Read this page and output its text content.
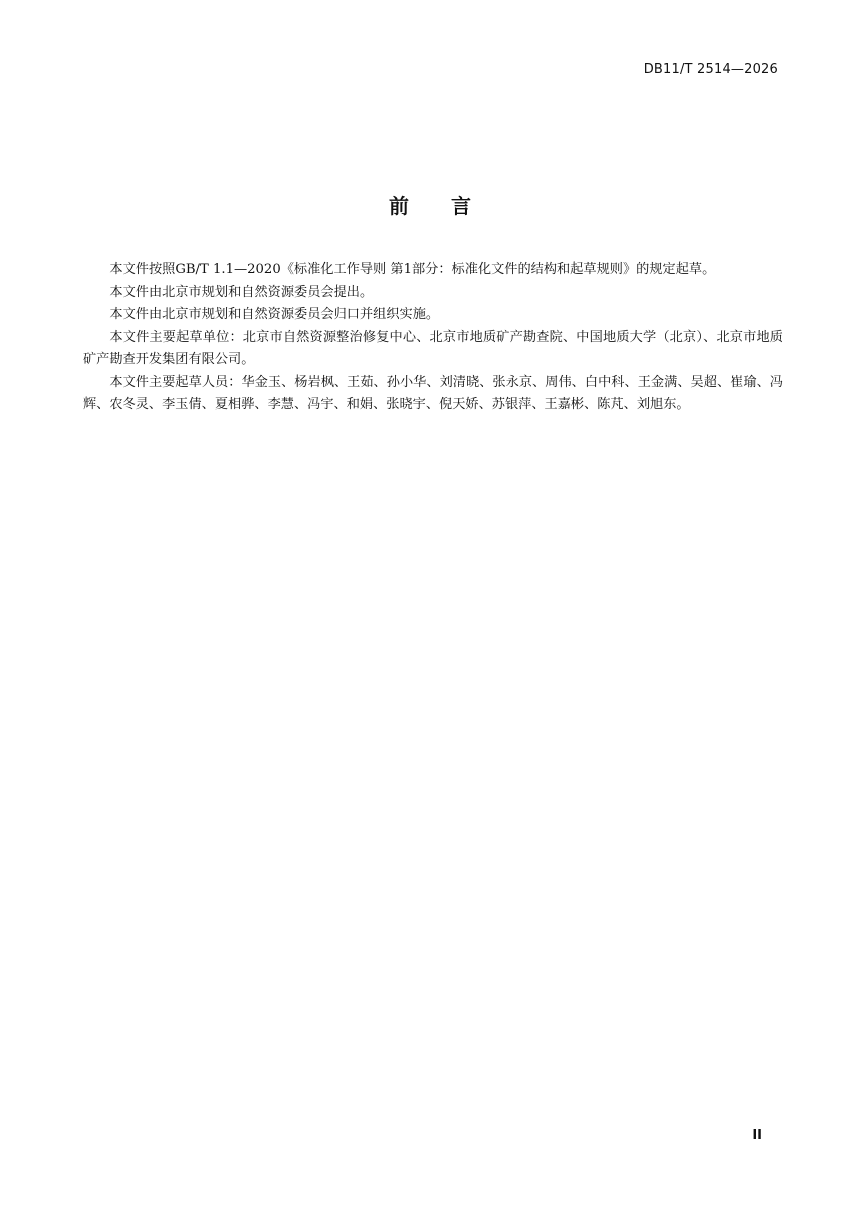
DB11/T 2514—2026
前 言

本文件按照GB/T 1.1—2020《标准化工作导则 第1部分：标准化文件的结构和起草规则》的规定起草。

本文件由北京市规划和自然资源委员会提出。

本文件由北京市规划和自然资源委员会归口并组织实施。

本文件主要起草单位：北京市自然资源整治修复中心、北京市地质矿产勘查院、中国地质大学（北京）、北京市地质矿产勘查开发集团有限公司。

本文件主要起草人员：华金玉、杨岩枫、王茹、孙小华、刘清晓、张永京、周伟、白中科、王金满、吴超、崔瑜、冯辉、农冬灵、李玉倩、夏相骅、李慧、冯宇、和娟、张晓宇、倪天娇、苏银萍、王嘉彬、陈芃、刘旭东。

II
